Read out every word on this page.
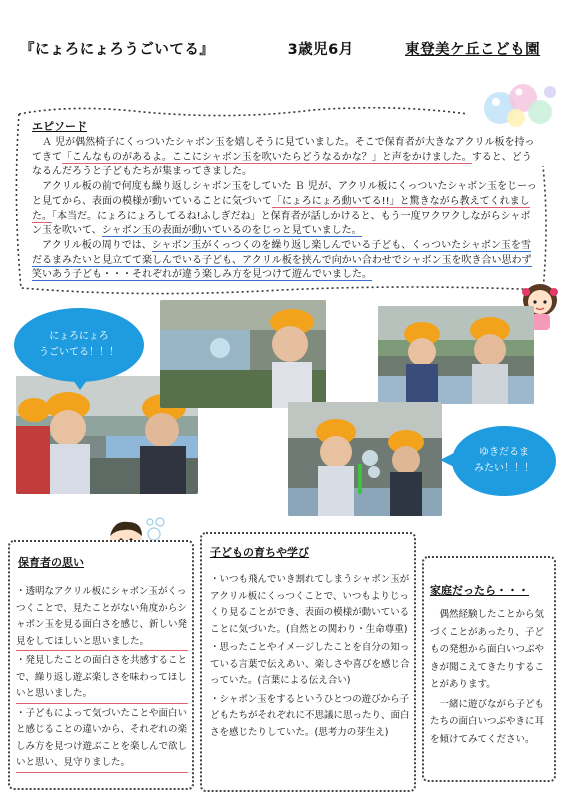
『にょろにょろうごいてる』	3歳児6月	東登美ケ丘こども園
エピソード

　Ａ 児が偶然椅子にくっついたシャボン玉を嬉しそうに見ていました。そこで保育者が大きなアクリル板を持ってきて「こんなものがあるよ。ここにシャボン玉を吹いたらどうなるかな？」と声をかけました。すると、どうなるんだろうと子どもたちが集まってきました。

　アクリル板の前で何度も繰り返しシャボン玉をしていた Ｂ 児が、アクリル板にくっついたシャボン玉をじーっと見てから、表面の模様が動いていることに気づいて「にょろにょろ動いてる!!」と驚きながら教えてくれました。「本当だ。にょろにょろしてるね!ふしぎだね」と保育者が話しかけると、もう一度ワクワクしながらシャボン玉を吹いて、シャボン玉の表面が動いているのをじっと見ていました。

　アクリル板の周りでは、シャボン玉がくっつくのを繰り返し楽しんでいる子ども、くっついたシャボン玉を雪だるまみたいと見立てて楽しんでいる子ども、アクリル板を挟んで向かい合わせでシャボン玉を吹き合い思わず笑いあう子ども・・・それぞれが違う楽しみ方を見つけて遊んでいました。

にょろにょろ
うごいてる！！！
ゆきだるま
みたい！！！
保育者の思い
・透明なアクリル板にシャボン玉がくっつくことで、見たことがない角度からシャボン玉を見る面白さを感じ、新しい発見をしてほしいと思いました。
・発見したことの面白さを共感することで、繰り返し遊ぶ楽しさを味わってほしいと思いました。
・子どもによって気づいたことや面白いと感じることの違いから、それぞれの楽しみ方を見つけ遊ぶことを楽しんで欲しいと思い、見守りました。
子どもの育ちや学び
・いつも飛んでいき割れてしまうシャボン玉がアクリル板にくっつくことで、いつもよりじっくり見ることができ、表面の模様が動いていることに気づいた。(自然との関わり・生命尊重)
・思ったことやイメージしたことを自分の知っている言葉で伝えあい、楽しさや喜びを感じ合っていた。(言葉による伝え合い)
・シャボン玉をするというひとつの遊びから子どもたちがそれぞれに不思議に思ったり、面白さを感じたりしていた。(思考力の芽生え)
家庭だったら・・・
　偶然経験したことから気づくことがあったり、子どもの発想から面白いつぶやきが聞こえてきたりすることがあります。
　一緒に遊びながら子どもたちの面白いつぶやきに耳を傾けてみてください。
